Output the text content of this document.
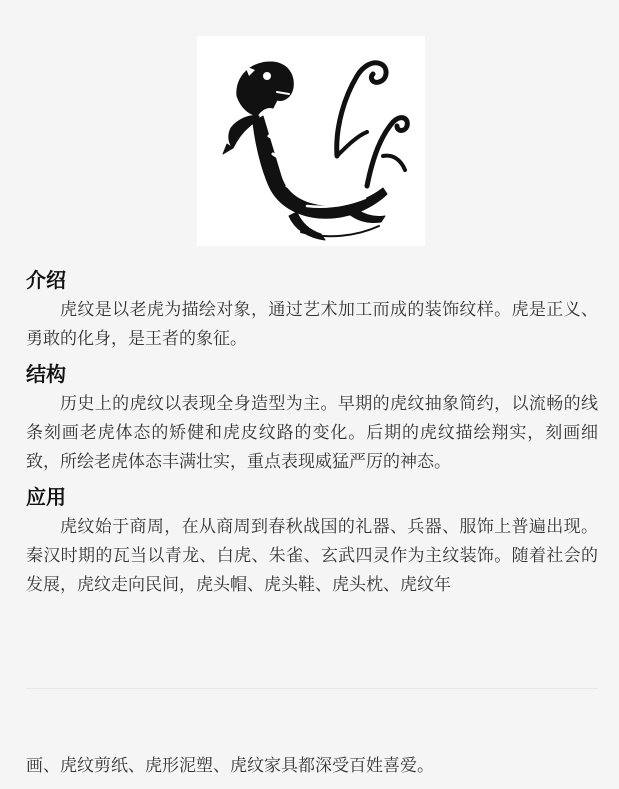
介绍

虎纹是以老虎为描绘对象，通过艺术加工而成的装饰纹样。虎是正义、勇敢的化身，是王者的象征。

结构

历史上的虎纹以表现全身造型为主。早期的虎纹抽象简约，以流畅的线条刻画老虎体态的矫健和虎皮纹路的变化。后期的虎纹描绘翔实，刻画细致，所绘老虎体态丰满壮实，重点表现威猛严厉的神态。

应用

虎纹始于商周，在从商周到春秋战国的礼器、兵器、服饰上普遍出现。秦汉时期的瓦当以青龙、白虎、朱雀、玄武四灵作为主纹装饰。随着社会的发展，虎纹走向民间，虎头帽、虎头鞋、虎头枕、虎纹年

画、虎纹剪纸、虎形泥塑、虎纹家具都深受百姓喜爱。
